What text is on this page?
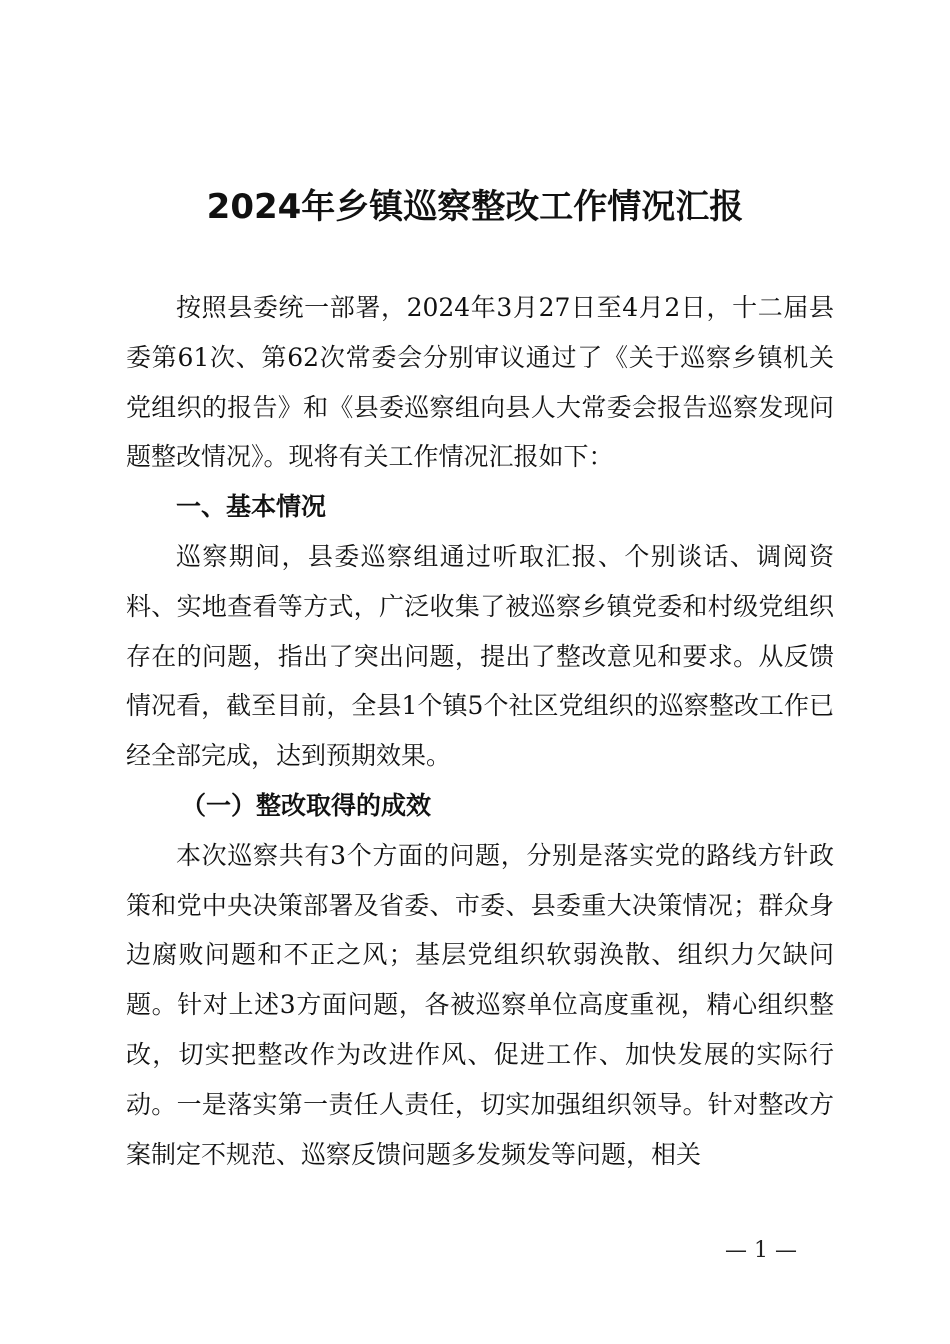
2024年乡镇巡察整改工作情况汇报

按照县委统一部署，2024年3月27日至4月2日，十二届县委第61次、第62次常委会分别审议通过了《关于巡察乡镇机关党组织的报告》和《县委巡察组向县人大常委会报告巡察发现问题整改情况》。现将有关工作情况汇报如下：

一、基本情况

巡察期间，县委巡察组通过听取汇报、个别谈话、调阅资料、实地查看等方式，广泛收集了被巡察乡镇党委和村级党组织存在的问题，指出了突出问题，提出了整改意见和要求。从反馈情况看，截至目前，全县1个镇5个社区党组织的巡察整改工作已经全部完成，达到预期效果。

（一）整改取得的成效

本次巡察共有3个方面的问题，分别是落实党的路线方针政策和党中央决策部署及省委、市委、县委重大决策情况；群众身边腐败问题和不正之风；基层党组织软弱涣散、组织力欠缺问题。针对上述3方面问题，各被巡察单位高度重视，精心组织整改，切实把整改作为改进作风、促进工作、加快发展的实际行动。一是落实第一责任人责任，切实加强组织领导。针对整改方案制定不规范、巡察反馈问题多发频发等问题，相关

— 1 —
